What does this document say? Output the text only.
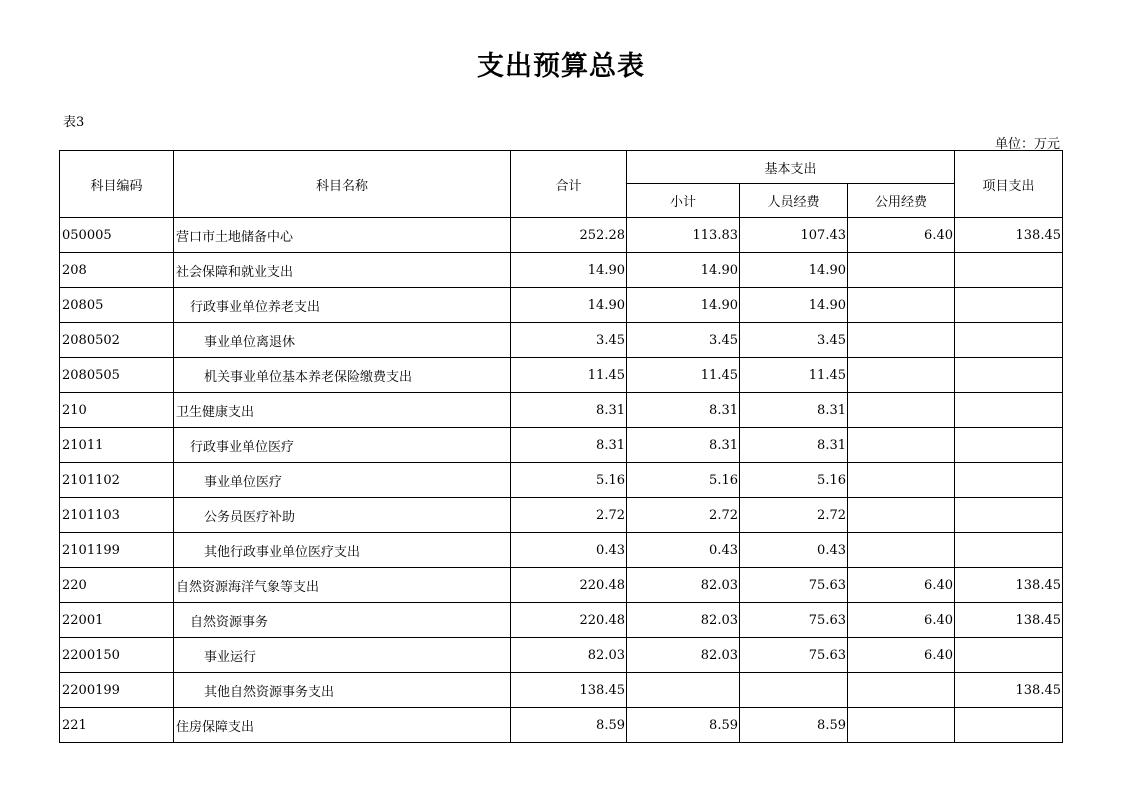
支出预算总表
表3
单位：万元
科目编码	科目名称	合计	基本支出			项目支出
			小计	人员经费	公用经费	
050005	营口市土地储备中心	252.28	113.83	107.43	6.40	138.45
208	社会保障和就业支出	14.90	14.90	14.90		
20805	行政事业单位养老支出	14.90	14.90	14.90		
2080502	事业单位离退休	3.45	3.45	3.45		
2080505	机关事业单位基本养老保险缴费支出	11.45	11.45	11.45		
210	卫生健康支出	8.31	8.31	8.31		
21011	行政事业单位医疗	8.31	8.31	8.31		
2101102	事业单位医疗	5.16	5.16	5.16		
2101103	公务员医疗补助	2.72	2.72	2.72		
2101199	其他行政事业单位医疗支出	0.43	0.43	0.43		
220	自然资源海洋气象等支出	220.48	82.03	75.63	6.40	138.45
22001	自然资源事务	220.48	82.03	75.63	6.40	138.45
2200150	事业运行	82.03	82.03	75.63	6.40	
2200199	其他自然资源事务支出	138.45				138.45
221	住房保障支出	8.59	8.59	8.59		
